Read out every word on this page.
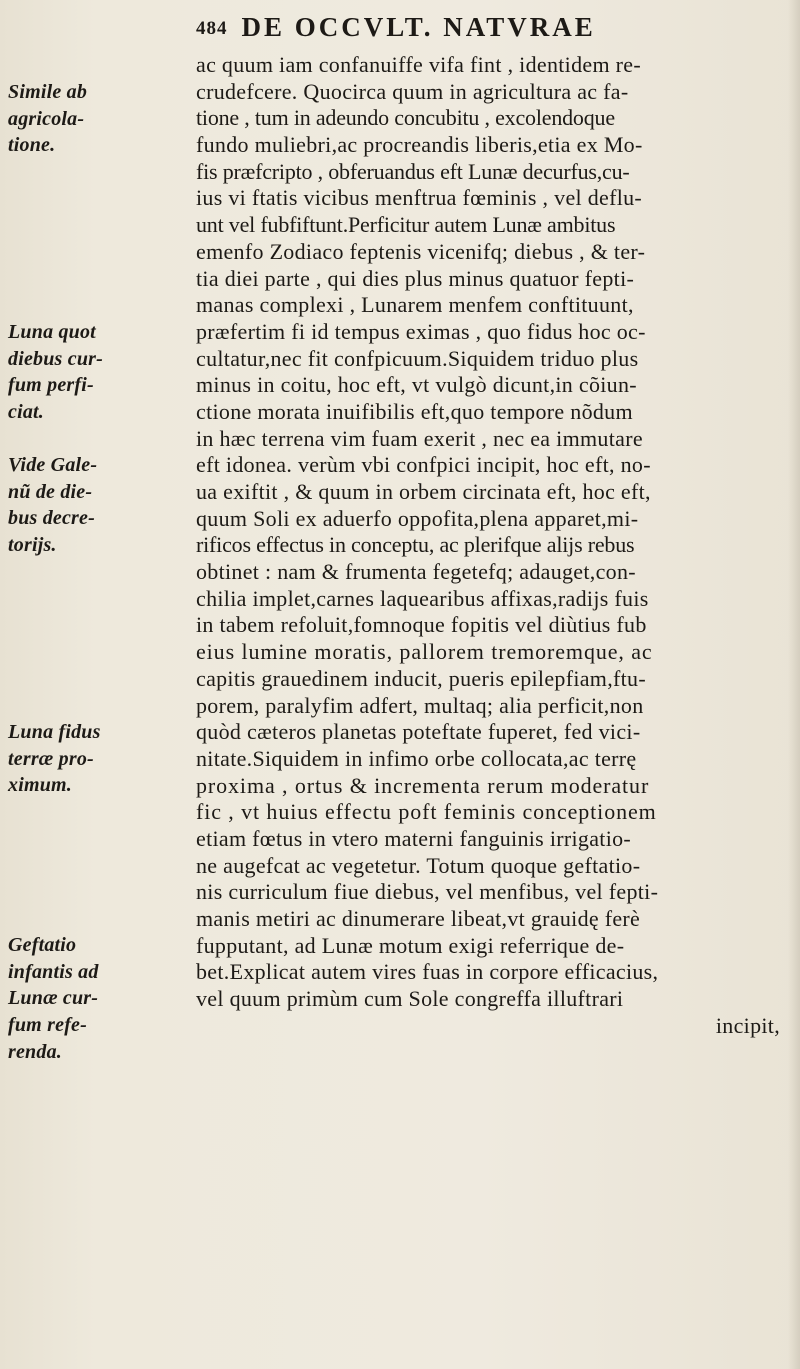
484 DE OCCVLT. NATVRAE
ac quum iam confanuiffe vifa fint , identidem re-
crudefcere. Quocirca quum in agricultura ac fa-
tione , tum in adeundo concubitu , excolendoque
fundo muliebri,ac procreandis liberis,etia ex Mo-
fis præfcripto , obferuandus eft Lunæ decurfus,cu-
ius vi ftatis vicibus menftrua fœminis , vel deflu-
unt vel fubfiftunt.Perficitur autem Lunæ ambitus
emenfo Zodiaco feptenis vicenifq; diebus , & ter-
tia diei parte , qui dies plus minus quatuor fepti-
manas complexi , Lunarem menfem conftituunt,
præfertim fi id tempus eximas , quo fidus hoc oc-
cultatur,nec fit confpicuum.Siquidem triduo plus
minus in coitu, hoc eft, vt vulgò dicunt,in cõiun-
ctione morata inuifibilis eft,quo tempore nõdum
in hæc terrena vim fuam exerit , nec ea immutare
eft idonea. verùm vbi confpici incipit, hoc eft, no-
ua exiftit , & quum in orbem circinata eft, hoc eft,
quum Soli ex aduerfo oppofita,plena apparet,mi-
rificos effectus in conceptu, ac plerifque alijs rebus
obtinet : nam & frumenta fegetefq; adauget,con-
chilia implet,carnes laquearibus affixas,radijs fuis
in tabem refoluit,fomnoque fopitis vel diùtius fub
eius lumine moratis, pallorem tremoremque, ac
capitis grauedinem inducit, pueris epilepfiam,ftu-
porem, paralyfim adfert, multaq; alia perficit,non
quòd cæteros planetas poteftate fuperet, fed vici-
nitate.Siquidem in infimo orbe collocata,ac terrę
proxima , ortus & incrementa rerum moderatur
fic , vt huius effectu poft feminis conceptionem
etiam fœtus in vtero materni fanguinis irrigatio-
ne augefcat ac vegetetur. Totum quoque geftatio-
nis curriculum fiue diebus, vel menfibus, vel fepti-
manis metiri ac dinumerare libeat,vt grauidę ferè
fupputant, ad Lunæ motum exigi referrique de-
bet.Explicat autem vires fuas in corpore efficacius,
vel quum primùm cum Sole congreffa illuftrari
incipit,
Simile ab
agricola-
tione.
Luna quot
diebus cur-
fum perfi-
ciat.
Vide Gale-
nũ de die-
bus decre-
torijs.
Luna fidus
terræ pro-
ximum.
Geftatio
infantis ad
Lunæ cur-
fum refe-
renda.
